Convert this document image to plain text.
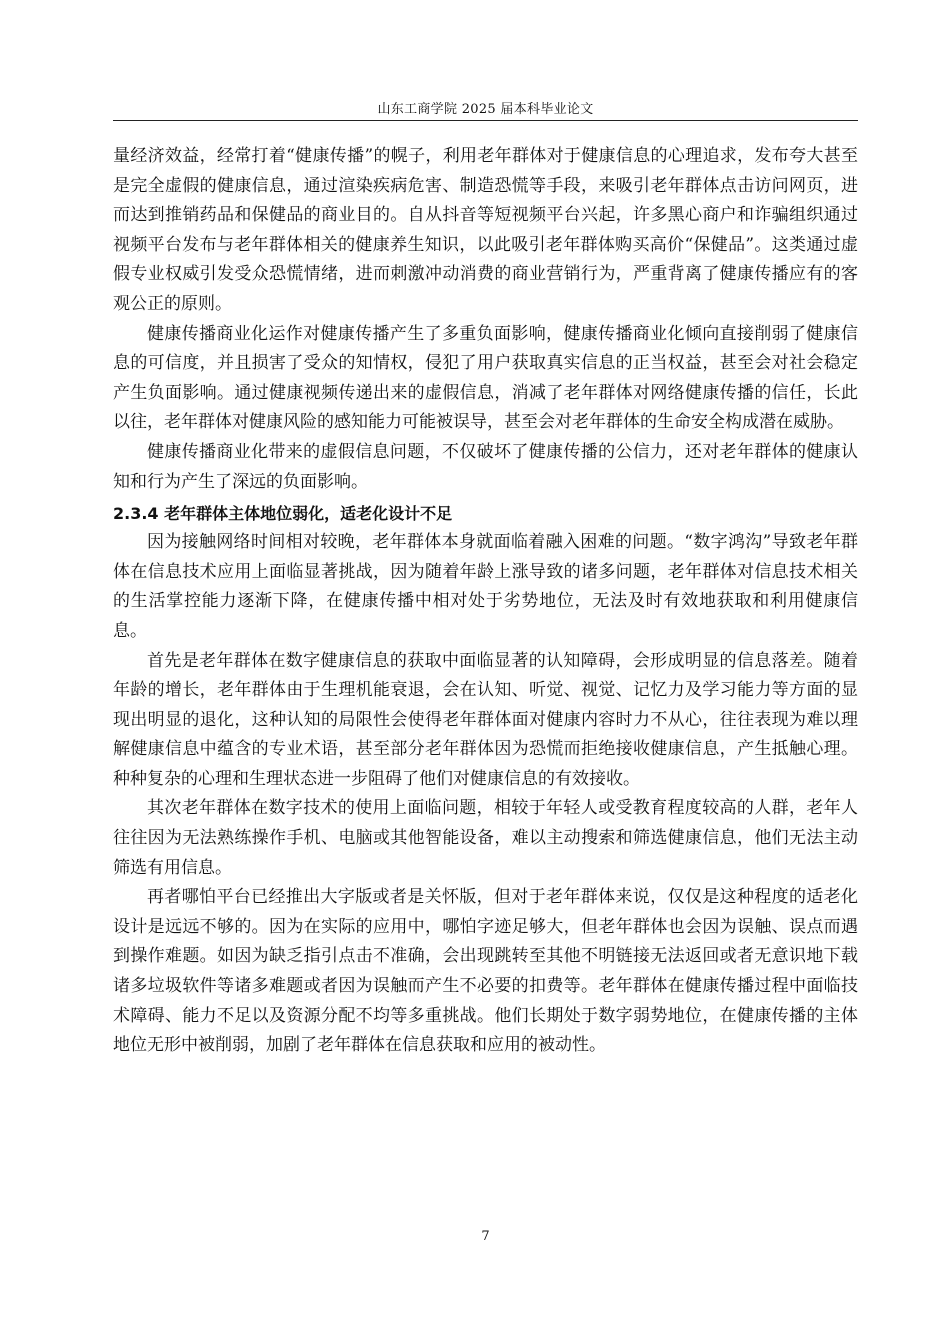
山东工商学院 2025 届本科毕业论文

量经济效益，经常打着“健康传播”的幌子，利用老年群体对于健康信息的心理追求，发布夸大甚至是完全虚假的健康信息，通过渲染疾病危害、制造恐慌等手段，来吸引老年群体点击访问网页，进而达到推销药品和保健品的商业目的。自从抖音等短视频平台兴起，许多黑心商户和诈骗组织通过视频平台发布与老年群体相关的健康养生知识，以此吸引老年群体购买高价“保健品”。这类通过虚假专业权威引发受众恐慌情绪，进而刺激冲动消费的商业营销行为，严重背离了健康传播应有的客观公正的原则。

健康传播商业化运作对健康传播产生了多重负面影响，健康传播商业化倾向直接削弱了健康信息的可信度，并且损害了受众的知情权，侵犯了用户获取真实信息的正当权益，甚至会对社会稳定产生负面影响。通过健康视频传递出来的虚假信息，消减了老年群体对网络健康传播的信任，长此以往，老年群体对健康风险的感知能力可能被误导，甚至会对老年群体的生命安全构成潜在威胁。

健康传播商业化带来的虚假信息问题，不仅破坏了健康传播的公信力，还对老年群体的健康认知和行为产生了深远的负面影响。

2.3.4 老年群体主体地位弱化，适老化设计不足

因为接触网络时间相对较晚，老年群体本身就面临着融入困难的问题。“数字鸿沟”导致老年群体在信息技术应用上面临显著挑战，因为随着年龄上涨导致的诸多问题，老年群体对信息技术相关的生活掌控能力逐渐下降，在健康传播中相对处于劣势地位，无法及时有效地获取和利用健康信息。

首先是老年群体在数字健康信息的获取中面临显著的认知障碍，会形成明显的信息落差。随着年龄的增长，老年群体由于生理机能衰退，会在认知、听觉、视觉、记忆力及学习能力等方面的显现出明显的退化，这种认知的局限性会使得老年群体面对健康内容时力不从心，往往表现为难以理解健康信息中蕴含的专业术语，甚至部分老年群体因为恐慌而拒绝接收健康信息，产生抵触心理。种种复杂的心理和生理状态进一步阻碍了他们对健康信息的有效接收。

其次老年群体在数字技术的使用上面临问题，相较于年轻人或受教育程度较高的人群，老年人往往因为无法熟练操作手机、电脑或其他智能设备，难以主动搜索和筛选健康信息，他们无法主动筛选有用信息。

再者哪怕平台已经推出大字版或者是关怀版，但对于老年群体来说，仅仅是这种程度的适老化设计是远远不够的。因为在实际的应用中，哪怕字迹足够大，但老年群体也会因为误触、误点而遇到操作难题。如因为缺乏指引点击不准确，会出现跳转至其他不明链接无法返回或者无意识地下载诸多垃圾软件等诸多难题或者因为误触而产生不必要的扣费等。老年群体在健康传播过程中面临技术障碍、能力不足以及资源分配不均等多重挑战。他们长期处于数字弱势地位，在健康传播的主体地位无形中被削弱，加剧了老年群体在信息获取和应用的被动性。

7
